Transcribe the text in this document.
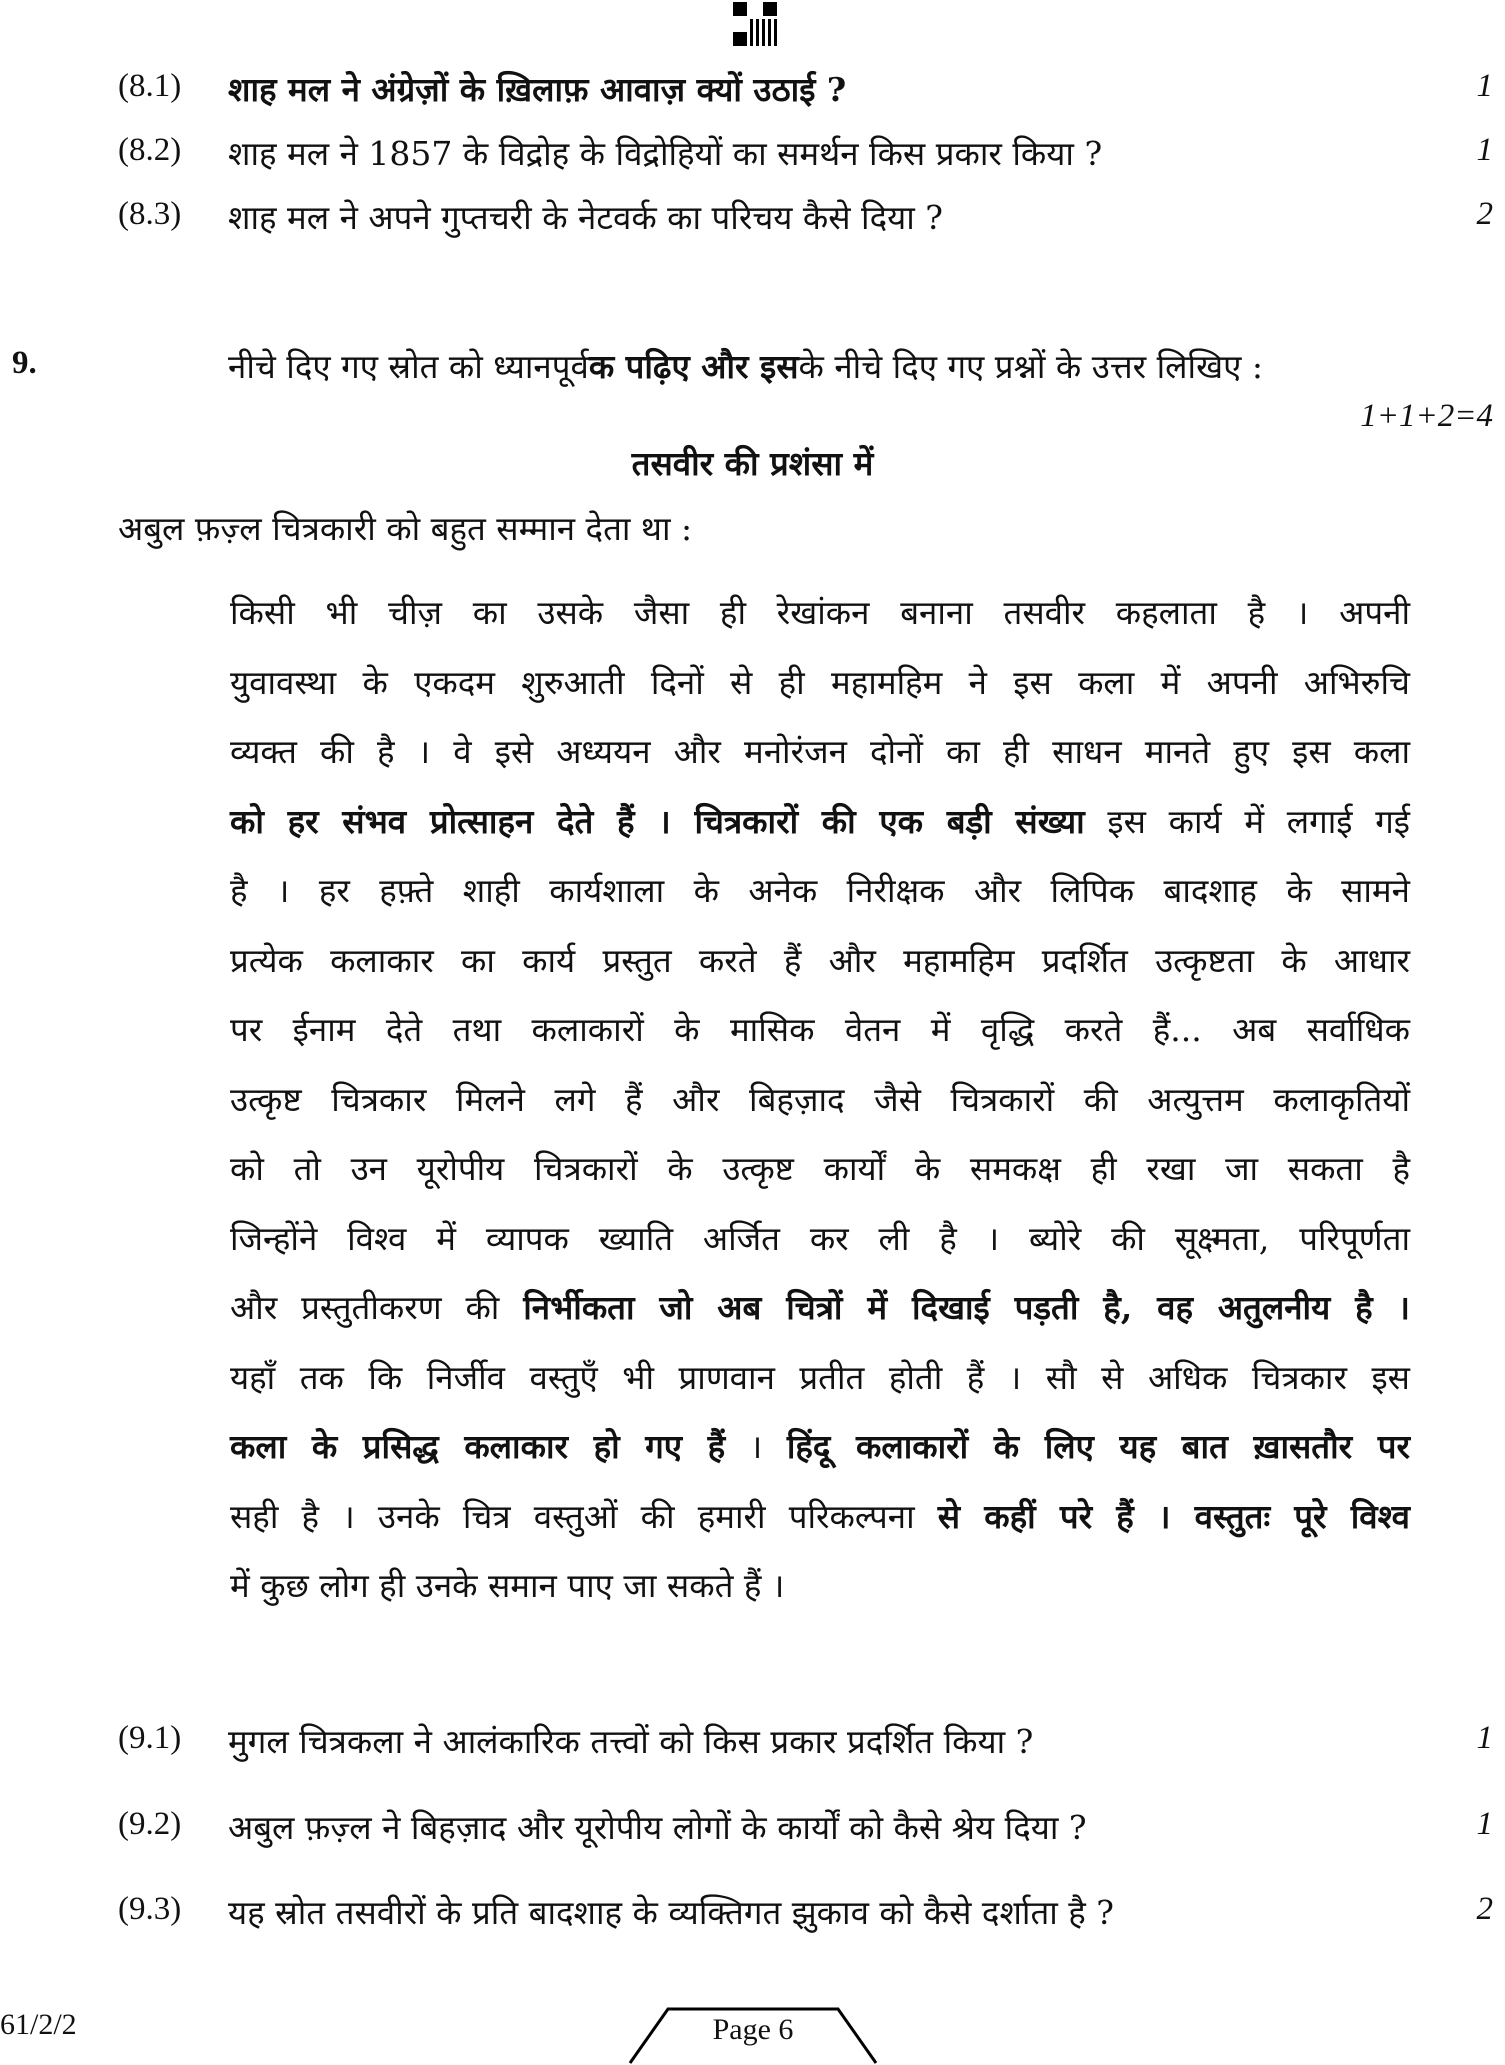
(8.1) शाह मल ने अंग्रेज़ों के ख़िलाफ़ आवाज़ क्यों उठाई ?	1
(8.2) शाह मल ने 1857 के विद्रोह के विद्रोहियों का समर्थन किस प्रकार किया ?	1
(8.3) शाह मल ने अपने गुप्तचरी के नेटवर्क का परिचय कैसे दिया ?	2
9.	नीचे दिए गए स्रोत को ध्यानपूर्वक पढ़िए और इसके नीचे दिए गए प्रश्नों के उत्तर लिखिए :
1+1+2=4
तसवीर की प्रशंसा में
अबुल फ़ज़्ल चित्रकारी को बहुत सम्मान देता था :
किसी भी चीज़ का उसके जैसा ही रेखांकन बनाना तसवीर कहलाता है । अपनी
युवावस्था के एकदम शुरुआती दिनों से ही महामहिम ने इस कला में अपनी अभिरुचि
व्यक्त की है । वे इसे अध्ययन और मनोरंजन दोनों का ही साधन मानते हुए इस कला
को हर संभव प्रोत्साहन देते हैं । चित्रकारों की एक बड़ी संख्या इस कार्य में लगाई गई
है । हर हफ़्ते शाही कार्यशाला के अनेक निरीक्षक और लिपिक बादशाह के सामने
प्रत्येक कलाकार का कार्य प्रस्तुत करते हैं और महामहिम प्रदर्शित उत्कृष्टता के आधार
पर ईनाम देते तथा कलाकारों के मासिक वेतन में वृद्धि करते हैं... अब सर्वाधिक
उत्कृष्ट चित्रकार मिलने लगे हैं और बिहज़ाद जैसे चित्रकारों की अत्युत्तम कलाकृतियों
को तो उन यूरोपीय चित्रकारों के उत्कृष्ट कार्यों के समकक्ष ही रखा जा सकता है
जिन्होंने विश्व में व्यापक ख्याति अर्जित कर ली है । ब्योरे की सूक्ष्मता, परिपूर्णता
और प्रस्तुतीकरण की निर्भीकता जो अब चित्रों में दिखाई पड़ती है, वह अतुलनीय है ।
यहाँ तक कि निर्जीव वस्तुएँ भी प्राणवान प्रतीत होती हैं । सौ से अधिक चित्रकार इस
कला के प्रसिद्ध कलाकार हो गए हैं । हिंदू कलाकारों के लिए यह बात ख़ासतौर पर
सही है । उनके चित्र वस्तुओं की हमारी परिकल्पना से कहीं परे हैं । वस्तुतः पूरे विश्व
में कुछ लोग ही उनके समान पाए जा सकते हैं ।
(9.1) मुगल चित्रकला ने आलंकारिक तत्त्वों को किस प्रकार प्रदर्शित किया ?	1
(9.2) अबुल फ़ज़्ल ने बिहज़ाद और यूरोपीय लोगों के कार्यों को कैसे श्रेय दिया ?	1
(9.3) यह स्रोत तसवीरों के प्रति बादशाह के व्यक्तिगत झुकाव को कैसे दर्शाता है ?	2
61/2/2	Page 6
